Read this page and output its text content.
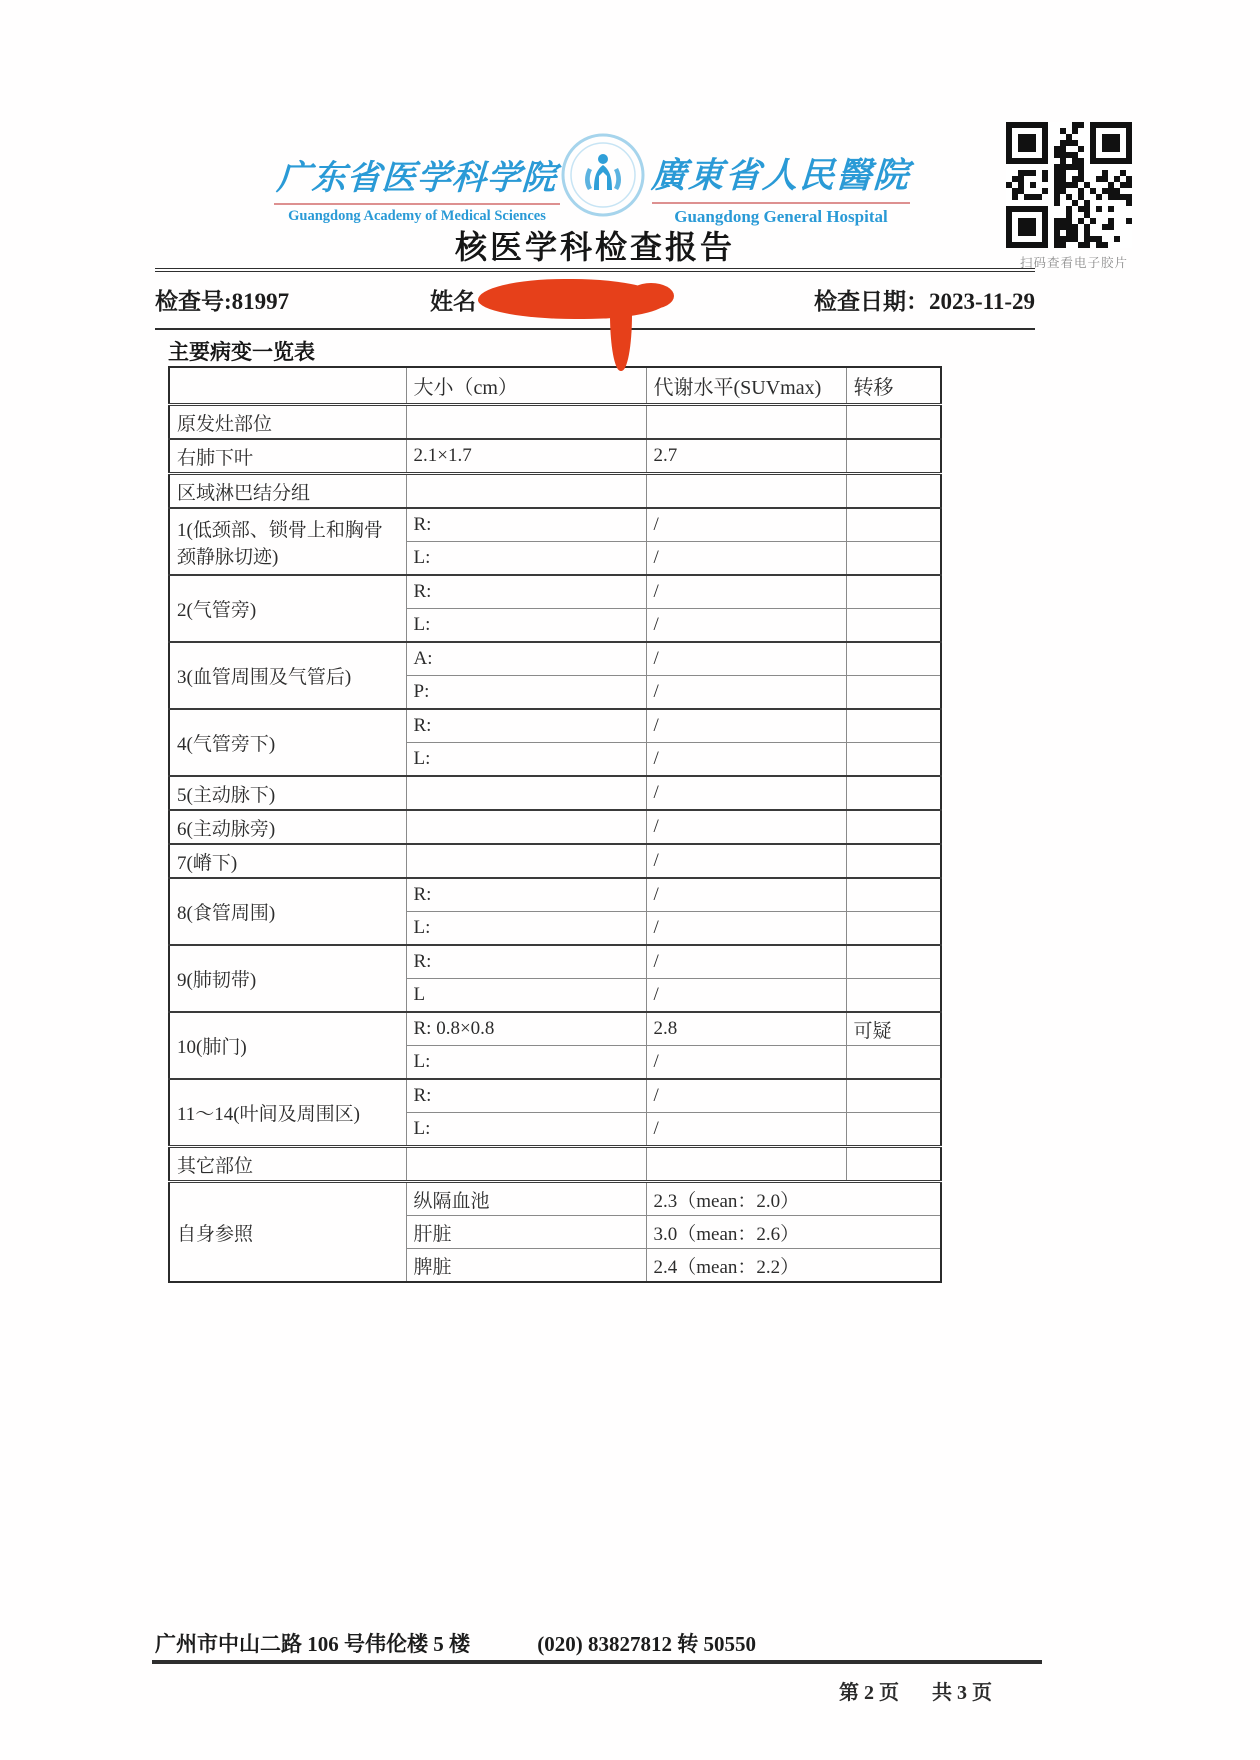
广东省医学科学院
Guangdong Academy of Medical Sciences
廣東省人民醫院
Guangdong General Hospital
扫码查看电子胶片
核医学科检查报告
检查号:81997	姓名	检查日期：2023-11-29
主要病变一览表
	大小（cm）	代谢水平(SUVmax)	转移
原发灶部位			
右肺下叶	2.1×1.7	2.7	
区域淋巴结分组			
1(低颈部、锁骨上和胸骨颈静脉切迹)	R:	/	
	L:	/	
2(气管旁)	R:	/	
	L:	/	
3(血管周围及气管后)	A:	/	
	P:	/	
4(气管旁下)	R:	/	
	L:	/	
5(主动脉下)		/	
6(主动脉旁)		/	
7(嵴下)		/	
8(食管周围)	R:	/	
	L:	/	
9(肺韧带)	R:	/	
	L	/	
10(肺门)	R: 0.8×0.8	2.8	可疑
	L:	/	
11～14(叶间及周围区)	R:	/	
	L:	/	
其它部位			
自身参照	纵隔血池	2.3（mean：2.0）	
	肝脏	3.0（mean：2.6）	
	脾脏	2.4（mean：2.2）	
广州市中山二路 106 号伟伦楼 5 楼	(020) 83827812 转 50550
第 2 页 共 3 页
